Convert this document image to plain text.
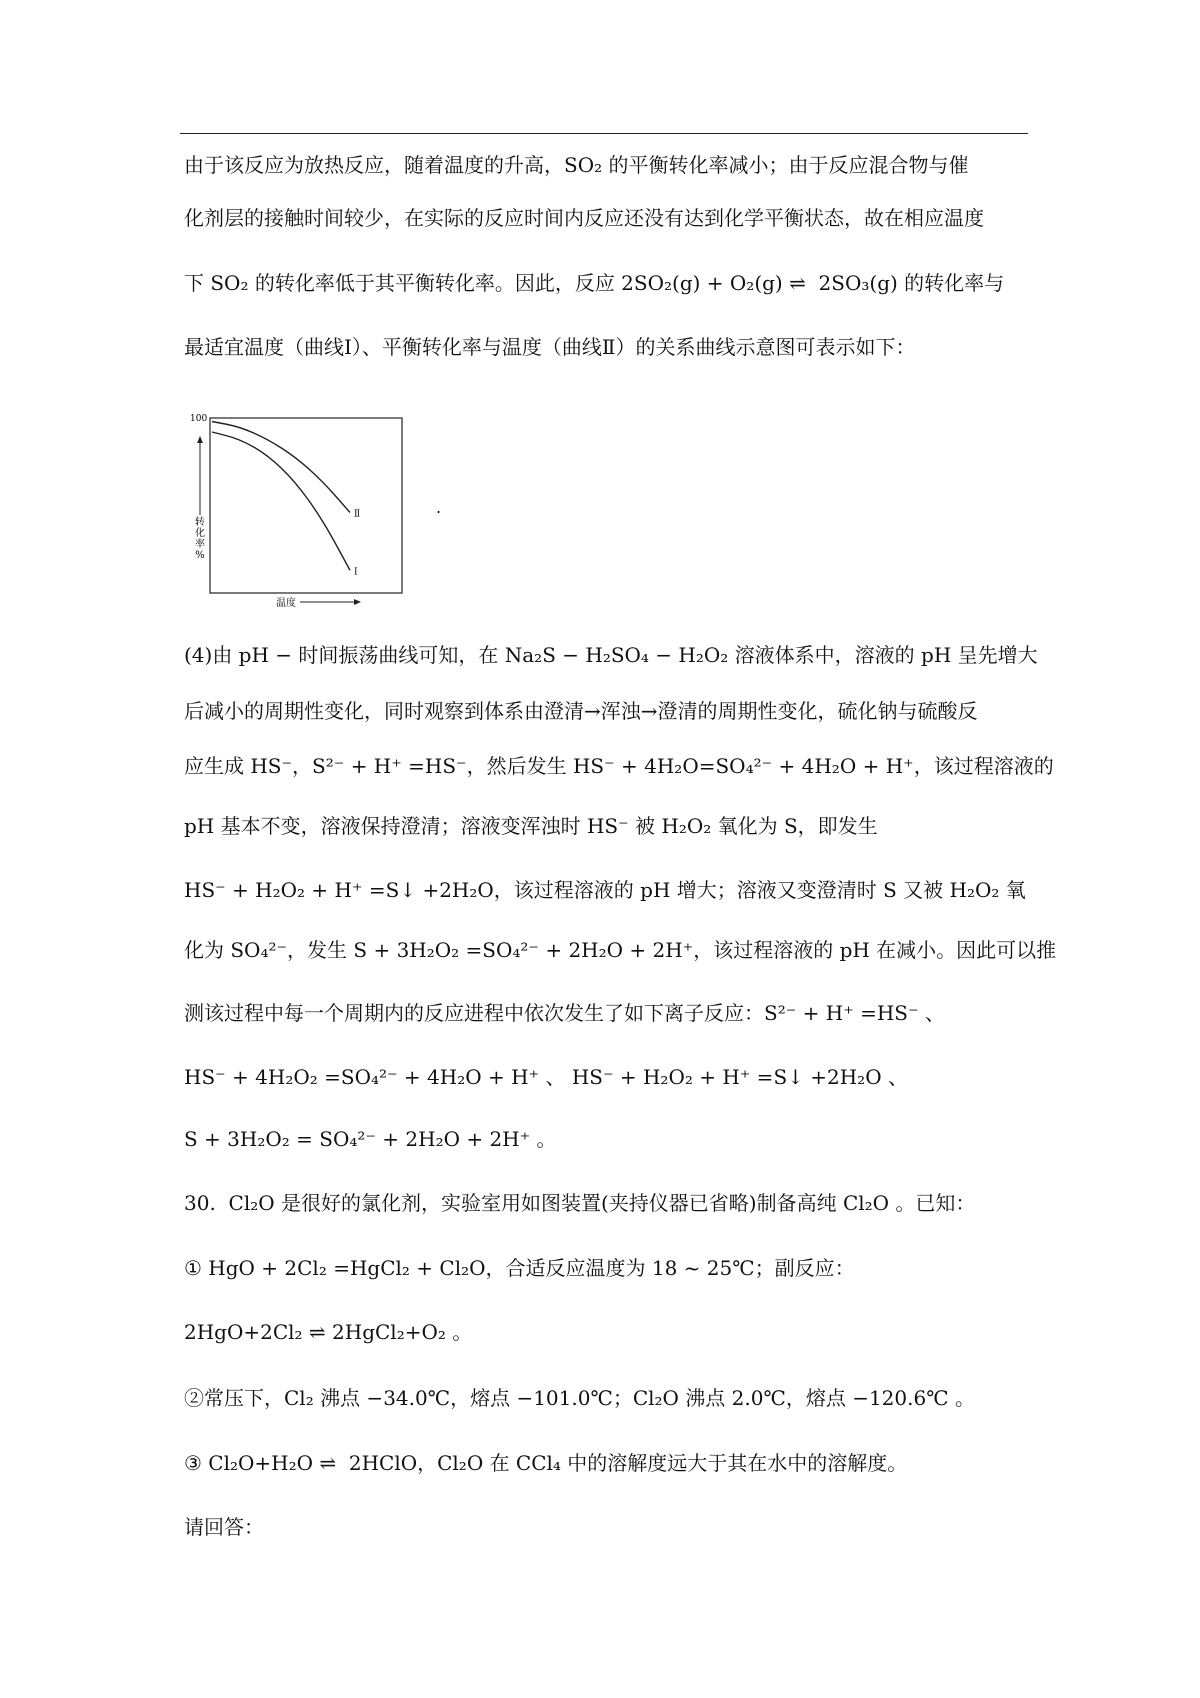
由于该反应为放热反应，随着温度的升高，SO₂ 的平衡转化率减小；由于反应混合物与催
化剂层的接触时间较少，在实际的反应时间内反应还没有达到化学平衡状态，故在相应温度
下 SO₂ 的转化率低于其平衡转化率。因此，反应 2SO₂(g) + O₂(g) ⇌  2SO₃(g) 的转化率与
最适宜温度（曲线Ⅰ）、平衡转化率与温度（曲线Ⅱ）的关系曲线示意图可表示如下：
100
转化率%
温度
Ⅱ
Ⅰ
.
(4)由 pH − 时间振荡曲线可知，在 Na₂S − H₂SO₄ − H₂O₂ 溶液体系中，溶液的 pH 呈先增大
后减小的周期性变化，同时观察到体系由澄清→浑浊→澄清的周期性变化，硫化钠与硫酸反
应生成 HS⁻，S²⁻ + H⁺ =HS⁻，然后发生 HS⁻ + 4H₂O=SO₄²⁻ + 4H₂O + H⁺，该过程溶液的
pH 基本不变，溶液保持澄清；溶液变浑浊时 HS⁻ 被 H₂O₂ 氧化为 S，即发生
HS⁻ + H₂O₂ + H⁺ =S↓ +2H₂O，该过程溶液的 pH 增大；溶液又变澄清时 S 又被 H₂O₂ 氧
化为 SO₄²⁻，发生 S + 3H₂O₂ =SO₄²⁻ + 2H₂O + 2H⁺，该过程溶液的 pH 在减小。因此可以推
测该过程中每一个周期内的反应进程中依次发生了如下离子反应：S²⁻ + H⁺ =HS⁻ 、
HS⁻ + 4H₂O₂ =SO₄²⁻ + 4H₂O + H⁺ 、 HS⁻ + H₂O₂ + H⁺ =S↓ +2H₂O 、
S + 3H₂O₂ = SO₄²⁻ + 2H₂O + 2H⁺ 。
30.  Cl₂O 是很好的氯化剂，实验室用如图装置(夹持仪器已省略)制备高纯 Cl₂O 。已知：
① HgO + 2Cl₂ =HgCl₂ + Cl₂O，合适反应温度为 18 ~ 25℃；副反应：
2HgO+2Cl₂ ⇌ 2HgCl₂+O₂ 。
②常压下，Cl₂ 沸点 −34.0℃，熔点 −101.0℃；Cl₂O 沸点 2.0℃，熔点 −120.6℃ 。
③ Cl₂O+H₂O ⇌  2HClO，Cl₂O 在 CCl₄ 中的溶解度远大于其在水中的溶解度。
请回答：
